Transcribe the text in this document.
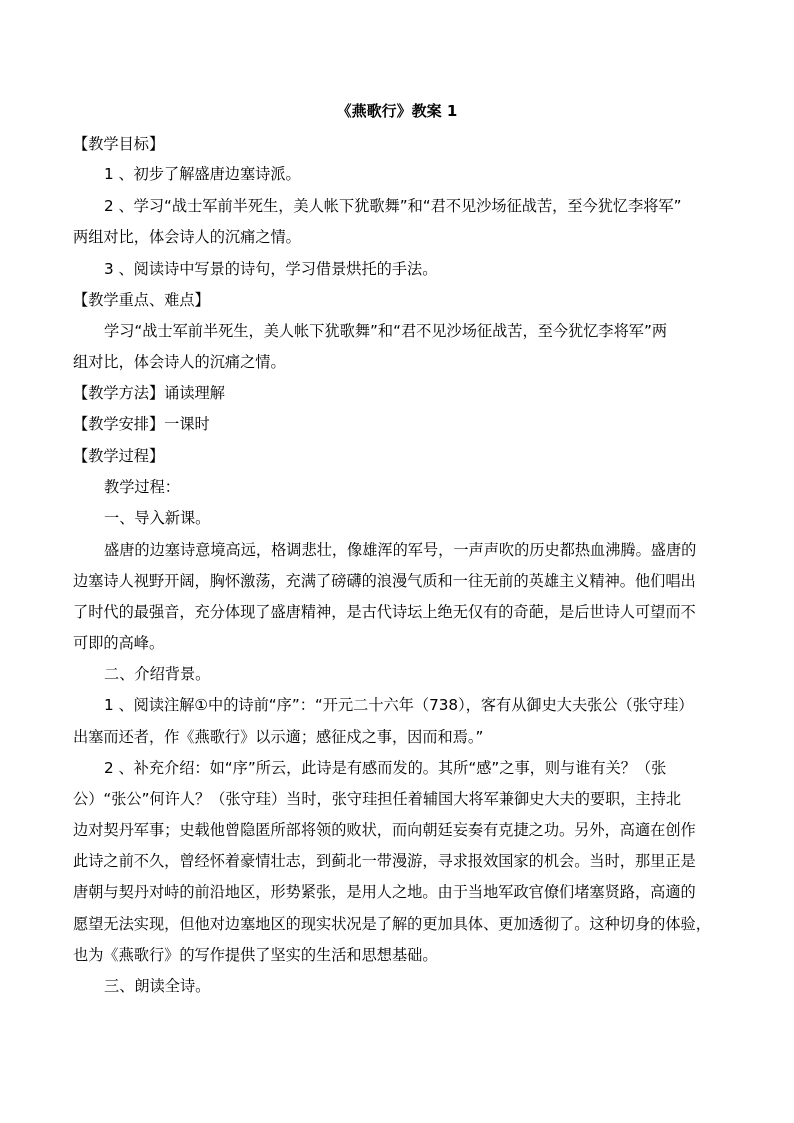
《燕歌行》教案 1
【教学目标】
1 、初步了解盛唐边塞诗派。
2 、学习“战士军前半死生，美人帐下犹歌舞”和“君不见沙场征战苦，至今犹忆李将军”
两组对比，体会诗人的沉痛之情。
3 、阅读诗中写景的诗句，学习借景烘托的手法。
【教学重点、难点】
学习“战士军前半死生，美人帐下犹歌舞”和“君不见沙场征战苦，至今犹忆李将军”两
组对比，体会诗人的沉痛之情。
【教学方法】诵读理解
【教学安排】一课时
【教学过程】
教学过程：
一、导入新课。
盛唐的边塞诗意境高远，格调悲壮，像雄浑的军号，一声声吹的历史都热血沸腾。盛唐的
边塞诗人视野开阔，胸怀激荡，充满了磅礴的浪漫气质和一往无前的英雄主义精神。他们唱出
了时代的最强音，充分体现了盛唐精神，是古代诗坛上绝无仅有的奇葩，是后世诗人可望而不
可即的高峰。
二、介绍背景。
1 、阅读注解①中的诗前“序”：“开元二十六年（738），客有从御史大夫张公（张守珪）
出塞而还者，作《燕歌行》以示適；感征戍之事，因而和焉。”
2 、补充介绍：如“序”所云，此诗是有感而发的。其所“感”之事，则与谁有关？（张
公）“张公”何许人？（张守珪）当时，张守珪担任着辅国大将军兼御史大夫的要职，主持北
边对契丹军事；史载他曾隐匿所部将领的败状，而向朝廷妄奏有克捷之功。另外，高適在创作
此诗之前不久，曾经怀着豪情壮志，到蓟北一带漫游，寻求报效国家的机会。当时，那里正是
唐朝与契丹对峙的前沿地区，形势紧张，是用人之地。由于当地军政官僚们堵塞贤路，高適的
愿望无法实现，但他对边塞地区的现实状况是了解的更加具体、更加透彻了。这种切身的体验，
也为《燕歌行》的写作提供了坚实的生活和思想基础。
三、朗读全诗。
